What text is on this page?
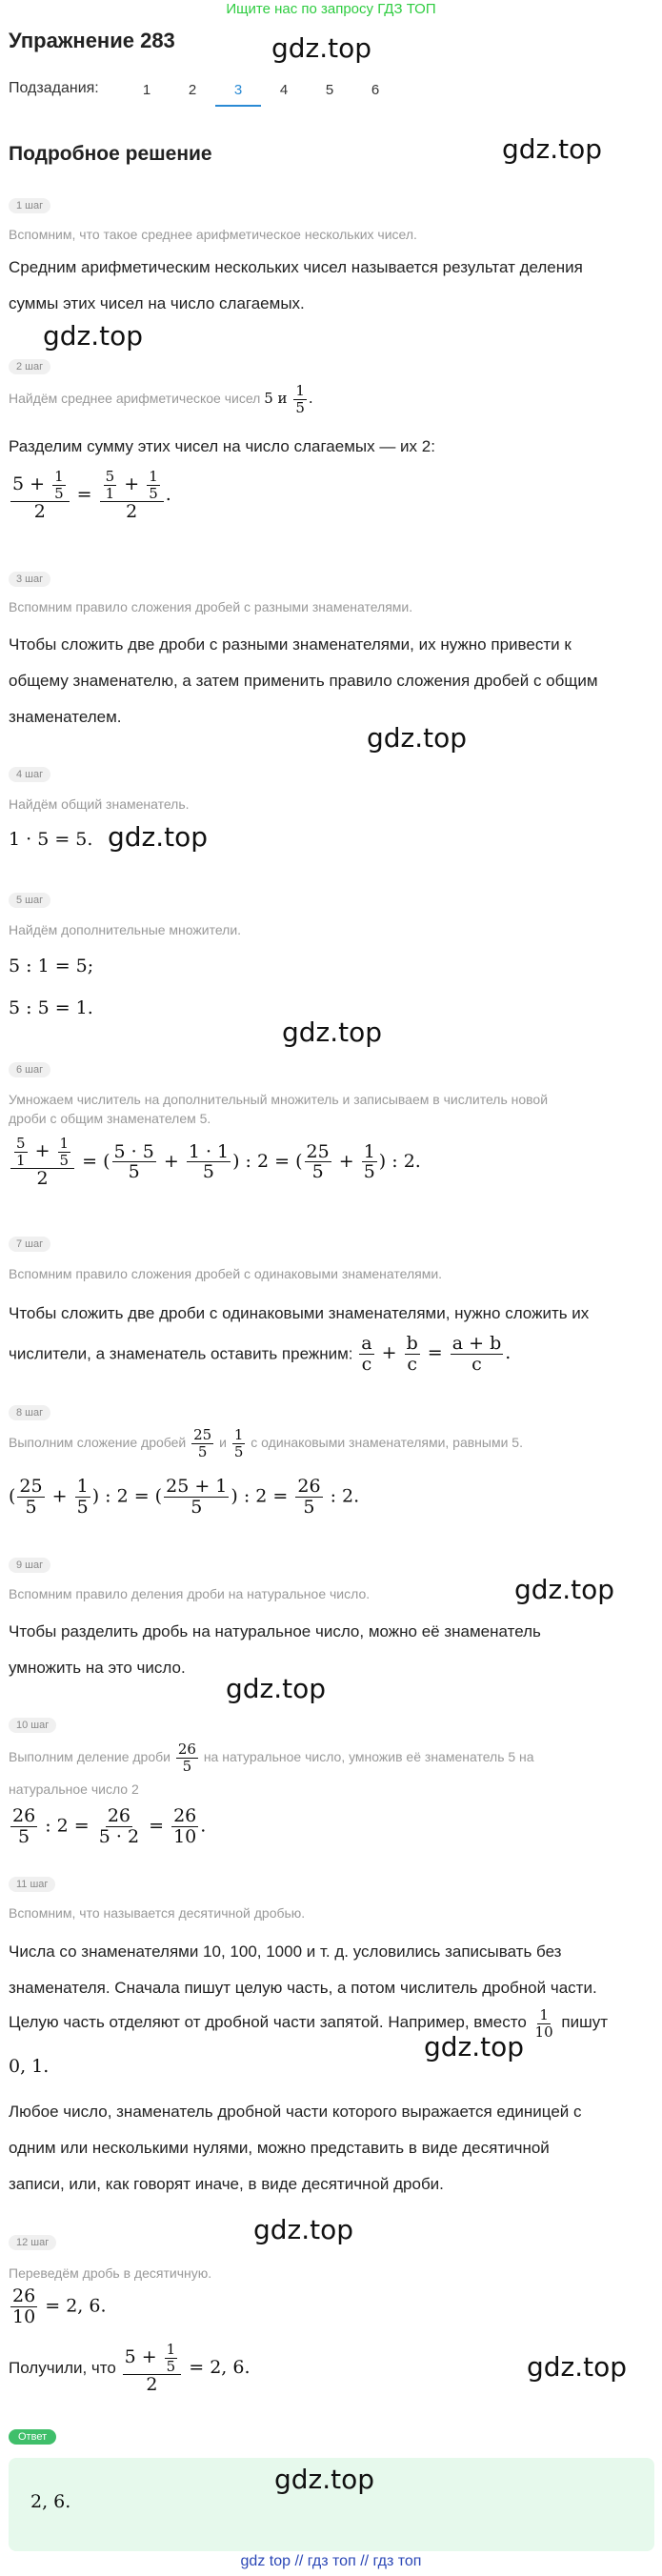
Ищите нас по запросу ГДЗ ТОП
Упражнение 283	gdz.top
Подзадания:	1	2	3	4	5	6
Подробное решение	gdz.top
1 шаг
Вспомним, что такое среднее арифметическое нескольких чисел.
Средним арифметическим нескольких чисел называется результат деления
суммы этих чисел на число слагаемых.
gdz.top
2 шаг
Найдём среднее арифметическое чисел 5 и $\frac{1}{5}$ .
Разделим сумму этих чисел на число слагаемых — их 2:
$\frac{5 + \frac{1}{5}}{2} = \frac{\frac{5}{1} + \frac{1}{5}}{2}$ .
3 шаг
Вспомним правило сложения дробей с разными знаменателями.
Чтобы сложить две дроби с разными знаменателями, их нужно привести к
общему знаменателю, а затем применить правило сложения дробей с общим
знаменателем.
gdz.top
4 шаг
Найдём общий знаменатель.
1 · 5 = 5. gdz.top
5 шаг
Найдём дополнительные множители.
5 : 1 = 5;
5 : 5 = 1.
gdz.top
6 шаг
Умножаем числитель на дополнительный множитель и записываем в числитель новой
дроби с общим знаменателем 5.
$\frac{\frac{5}{1} + \frac{1}{5}}{2}$ = ( $\frac{5 \cdot 5}{5} + \frac{1 \cdot 1}{5}$ ) : 2 = ( $\frac{25}{5} + \frac{1}{5}$ ) : 2.
7 шаг
Вспомним правило сложения дробей с одинаковыми знаменателями.
Чтобы сложить две дроби с одинаковыми знаменателями, нужно сложить их
числители, а знаменатель оставить прежним: $\frac{a}{c} + \frac{b}{c} = \frac{a + b}{c}$ .
8 шаг
Выполним сложение дробей $\frac{25}{5}$ и $\frac{1}{5}$ с одинаковыми знаменателями, равными 5.
( $\frac{25}{5} + \frac{1}{5}$ ) : 2 = ( $\frac{25 + 1}{5}$ ) : $2 = \frac{26}{5}$ : 2.
9 шаг
Вспомним правило деления дроби на натуральное число.	gdz.top
Чтобы разделить дробь на натуральное число, можно её знаменатель
умножить на это число.
gdz.top
10 шаг
Выполним деление дроби $\frac{26}{5}$ на натуральное число, умножив её знаменатель 5 на
натуральное число 2
$\frac{26}{5}$ : $2 = \frac{26}{5 \cdot 2} = \frac{26}{10}$ .
11 шаг
Вспомним, что называется десятичной дробью.
Числа со знаменателями 10, 100, 1000 и т. д. условились записывать без
знаменателя. Сначала пишут целую часть, а потом числитель дробной части.
Целую часть отделяют от дробной части запятой. Например, вместо $\frac{1}{10}$ пишут
0, 1.
gdz.top
Любое число, знаменатель дробной части которого выражается единицей с
одним или несколькими нулями, можно представить в виде десятичной
записи, или, как говорят иначе, в виде десятичной дроби.
gdz.top
12 шаг
Переведём дробь в десятичную.
$\frac{26}{10} = 2$, 6.
Получили, что $\frac{5 + \frac{1}{5}}{2} = 2$, 6.	gdz.top
Ответ
2, 6.
gdz.top
gdz top // гдз топ // гдз топ
